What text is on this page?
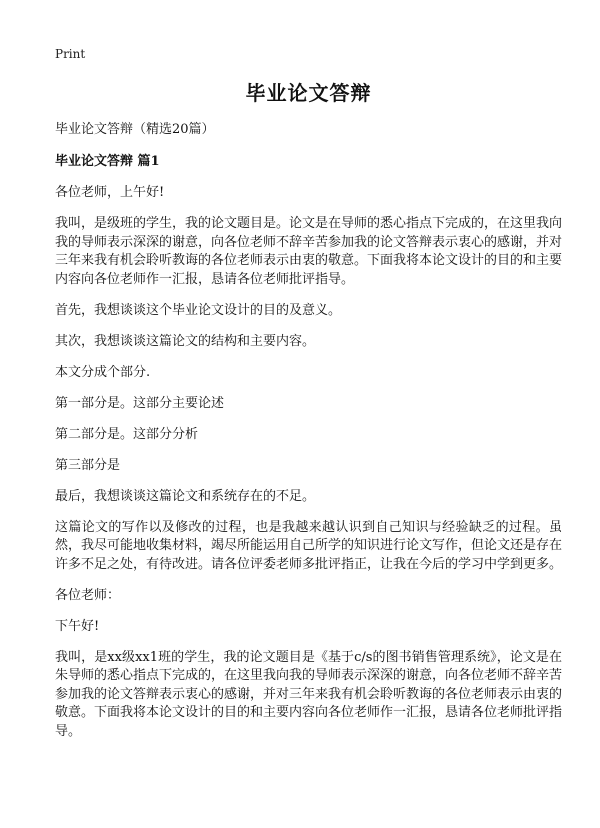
Print
毕业论文答辩
毕业论文答辩（精选20篇）
毕业论文答辩 篇1

各位老师，上午好!

我叫，是级班的学生，我的论文题目是。论文是在导师的悉心指点下完成的，在这里我向我的导师表示深深的谢意，向各位老师不辞辛苦参加我的论文答辩表示衷心的感谢，并对三年来我有机会聆听教诲的各位老师表示由衷的敬意。下面我将本论文设计的目的和主要内容向各位老师作一汇报，恳请各位老师批评指导。

首先，我想谈谈这个毕业论文设计的目的及意义。

其次，我想谈谈这篇论文的结构和主要内容。

本文分成个部分.

第一部分是。这部分主要论述

第二部分是。这部分分析

第三部分是

最后，我想谈谈这篇论文和系统存在的不足。

这篇论文的写作以及修改的过程，也是我越来越认识到自己知识与经验缺乏的过程。虽然，我尽可能地收集材料，竭尽所能运用自己所学的知识进行论文写作，但论文还是存在许多不足之处，有待改进。请各位评委老师多批评指正，让我在今后的学习中学到更多。

各位老师：

下午好!

我叫，是xx级xx1班的学生，我的论文题目是《基于c/s的图书销售管理系统》，论文是在朱导师的悉心指点下完成的，在这里我向我的导师表示深深的谢意，向各位老师不辞辛苦参加我的论文答辩表示衷心的感谢，并对三年来我有机会聆听教诲的各位老师表示由衷的敬意。下面我将本论文设计的目的和主要内容向各位老师作一汇报，恳请各位老师批评指导。
